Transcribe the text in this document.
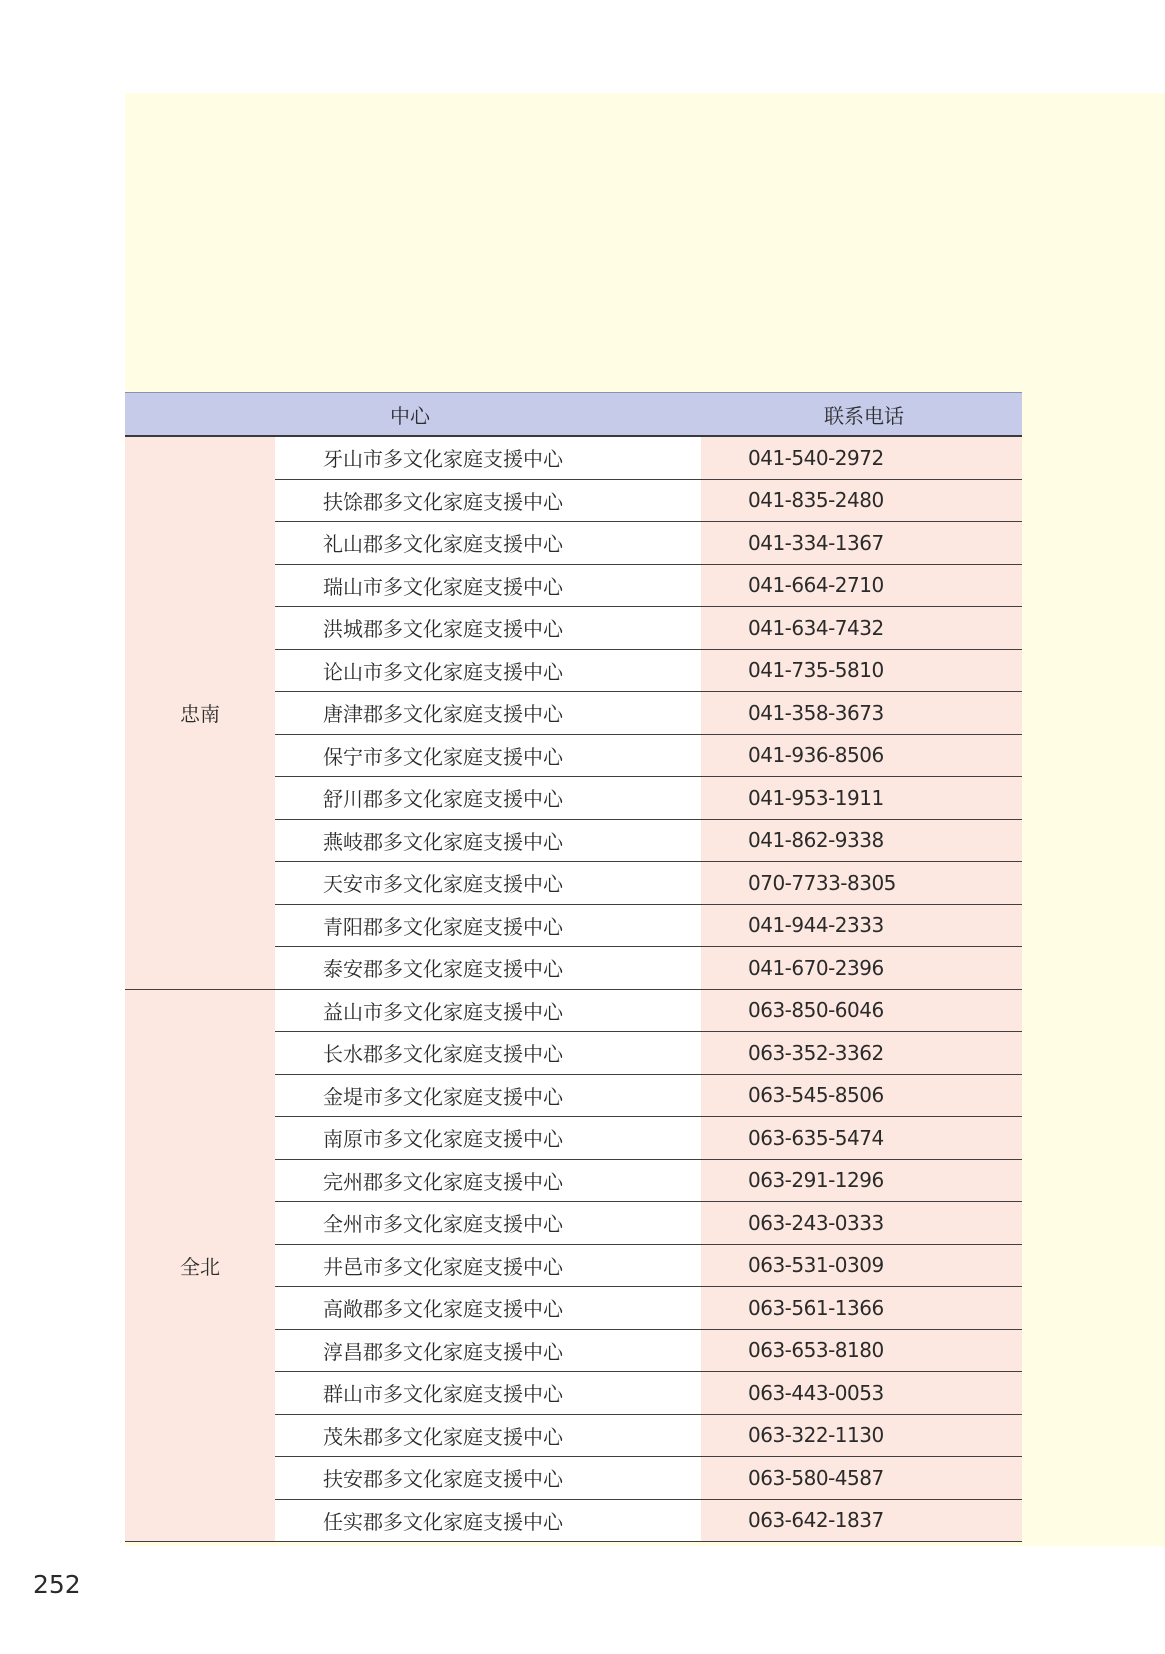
中心		联系电话
忠南	牙山市多文化家庭支援中心	041-540-2972
	扶馀郡多文化家庭支援中心	041-835-2480
	礼山郡多文化家庭支援中心	041-334-1367
	瑞山市多文化家庭支援中心	041-664-2710
	洪城郡多文化家庭支援中心	041-634-7432
	论山市多文化家庭支援中心	041-735-5810
	唐津郡多文化家庭支援中心	041-358-3673
	保宁市多文化家庭支援中心	041-936-8506
	舒川郡多文化家庭支援中心	041-953-1911
	燕岐郡多文化家庭支援中心	041-862-9338
	天安市多文化家庭支援中心	070-7733-8305
	青阳郡多文化家庭支援中心	041-944-2333
	泰安郡多文化家庭支援中心	041-670-2396
全北	益山市多文化家庭支援中心	063-850-6046
	长水郡多文化家庭支援中心	063-352-3362
	金堤市多文化家庭支援中心	063-545-8506
	南原市多文化家庭支援中心	063-635-5474
	完州郡多文化家庭支援中心	063-291-1296
	全州市多文化家庭支援中心	063-243-0333
	井邑市多文化家庭支援中心	063-531-0309
	高敞郡多文化家庭支援中心	063-561-1366
	淳昌郡多文化家庭支援中心	063-653-8180
	群山市多文化家庭支援中心	063-443-0053
	茂朱郡多文化家庭支援中心	063-322-1130
	扶安郡多文化家庭支援中心	063-580-4587
	任实郡多文化家庭支援中心	063-642-1837
252
